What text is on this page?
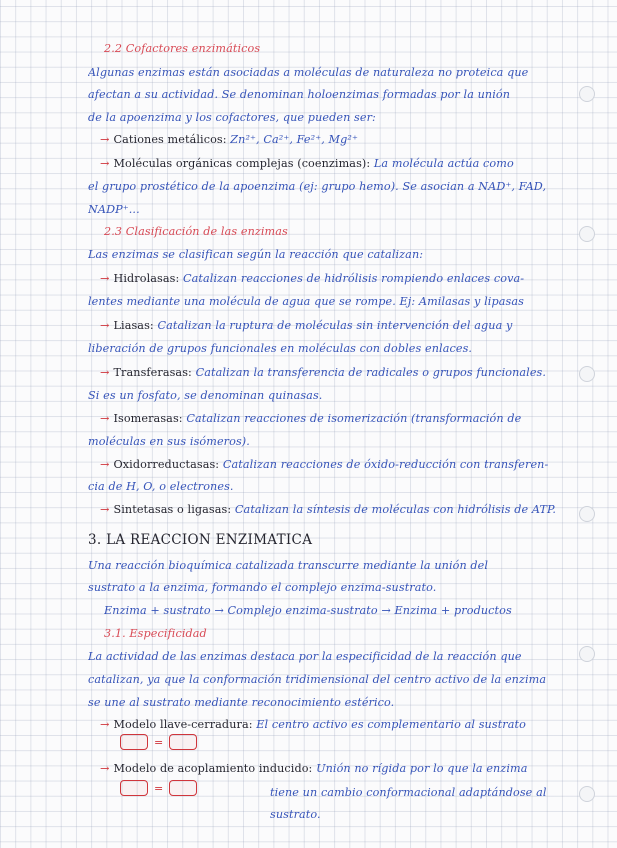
2.2 Cofactores enzimáticos
Algunas enzimas están asociadas a moléculas de naturaleza no proteica que
afectan a su actividad. Se denominan holoenzimas formadas por la unión
de la apoenzima y los cofactores, que pueden ser:
→ Cationes metálicos: Zn²⁺, Ca²⁺, Fe²⁺, Mg²⁺
→ Moléculas orgánicas complejas (coenzimas): La molécula actúa como
el grupo prostético de la apoenzima (ej: grupo hemo). Se asocian a NAD⁺, FAD,
NADP⁺...
2.3 Clasificación de las enzimas
Las enzimas se clasifican según la reacción que catalizan:
→ Hidrolasas: Catalizan reacciones de hidrólisis rompiendo enlaces cova-
lentes mediante una molécula de agua que se rompe. Ej: Amilasas y lipasas
→ Liasas: Catalizan la ruptura de moléculas sin intervención del agua y
liberación de grupos funcionales en moléculas con dobles enlaces.
→ Transferasas: Catalizan la transferencia de radicales o grupos funcionales.
Si es un fosfato, se denominan quinasas.
→ Isomerasas: Catalizan reacciones de isomerización (transformación de
moléculas en sus isómeros).
→ Oxidorreductasas: Catalizan reacciones de óxido-reducción con transferen-
cia de H, O, o electrones.
→ Sintetasas o ligasas: Catalizan la síntesis de moléculas con hidrólisis de ATP.
3. LA REACCIÓN ENZIMÁTICA
Una reacción bioquímica catalizada transcurre mediante la unión del
sustrato a la enzima, formando el complejo enzima-sustrato.
Enzima + sustrato → Complejo enzima-sustrato → Enzima + productos
3.1. Especificidad
La actividad de las enzimas destaca por la especificidad de la reacción que
catalizan, ya que la conformación tridimensional del centro activo de la enzima
se une al sustrato mediante reconocimiento estérico.
→ Modelo llave-cerradura: El centro activo es complementario al sustrato
=
→ Modelo de acoplamiento inducido: Unión no rígida por lo que la enzima
=	tiene un cambio conformacional adaptándose al
sustrato.
